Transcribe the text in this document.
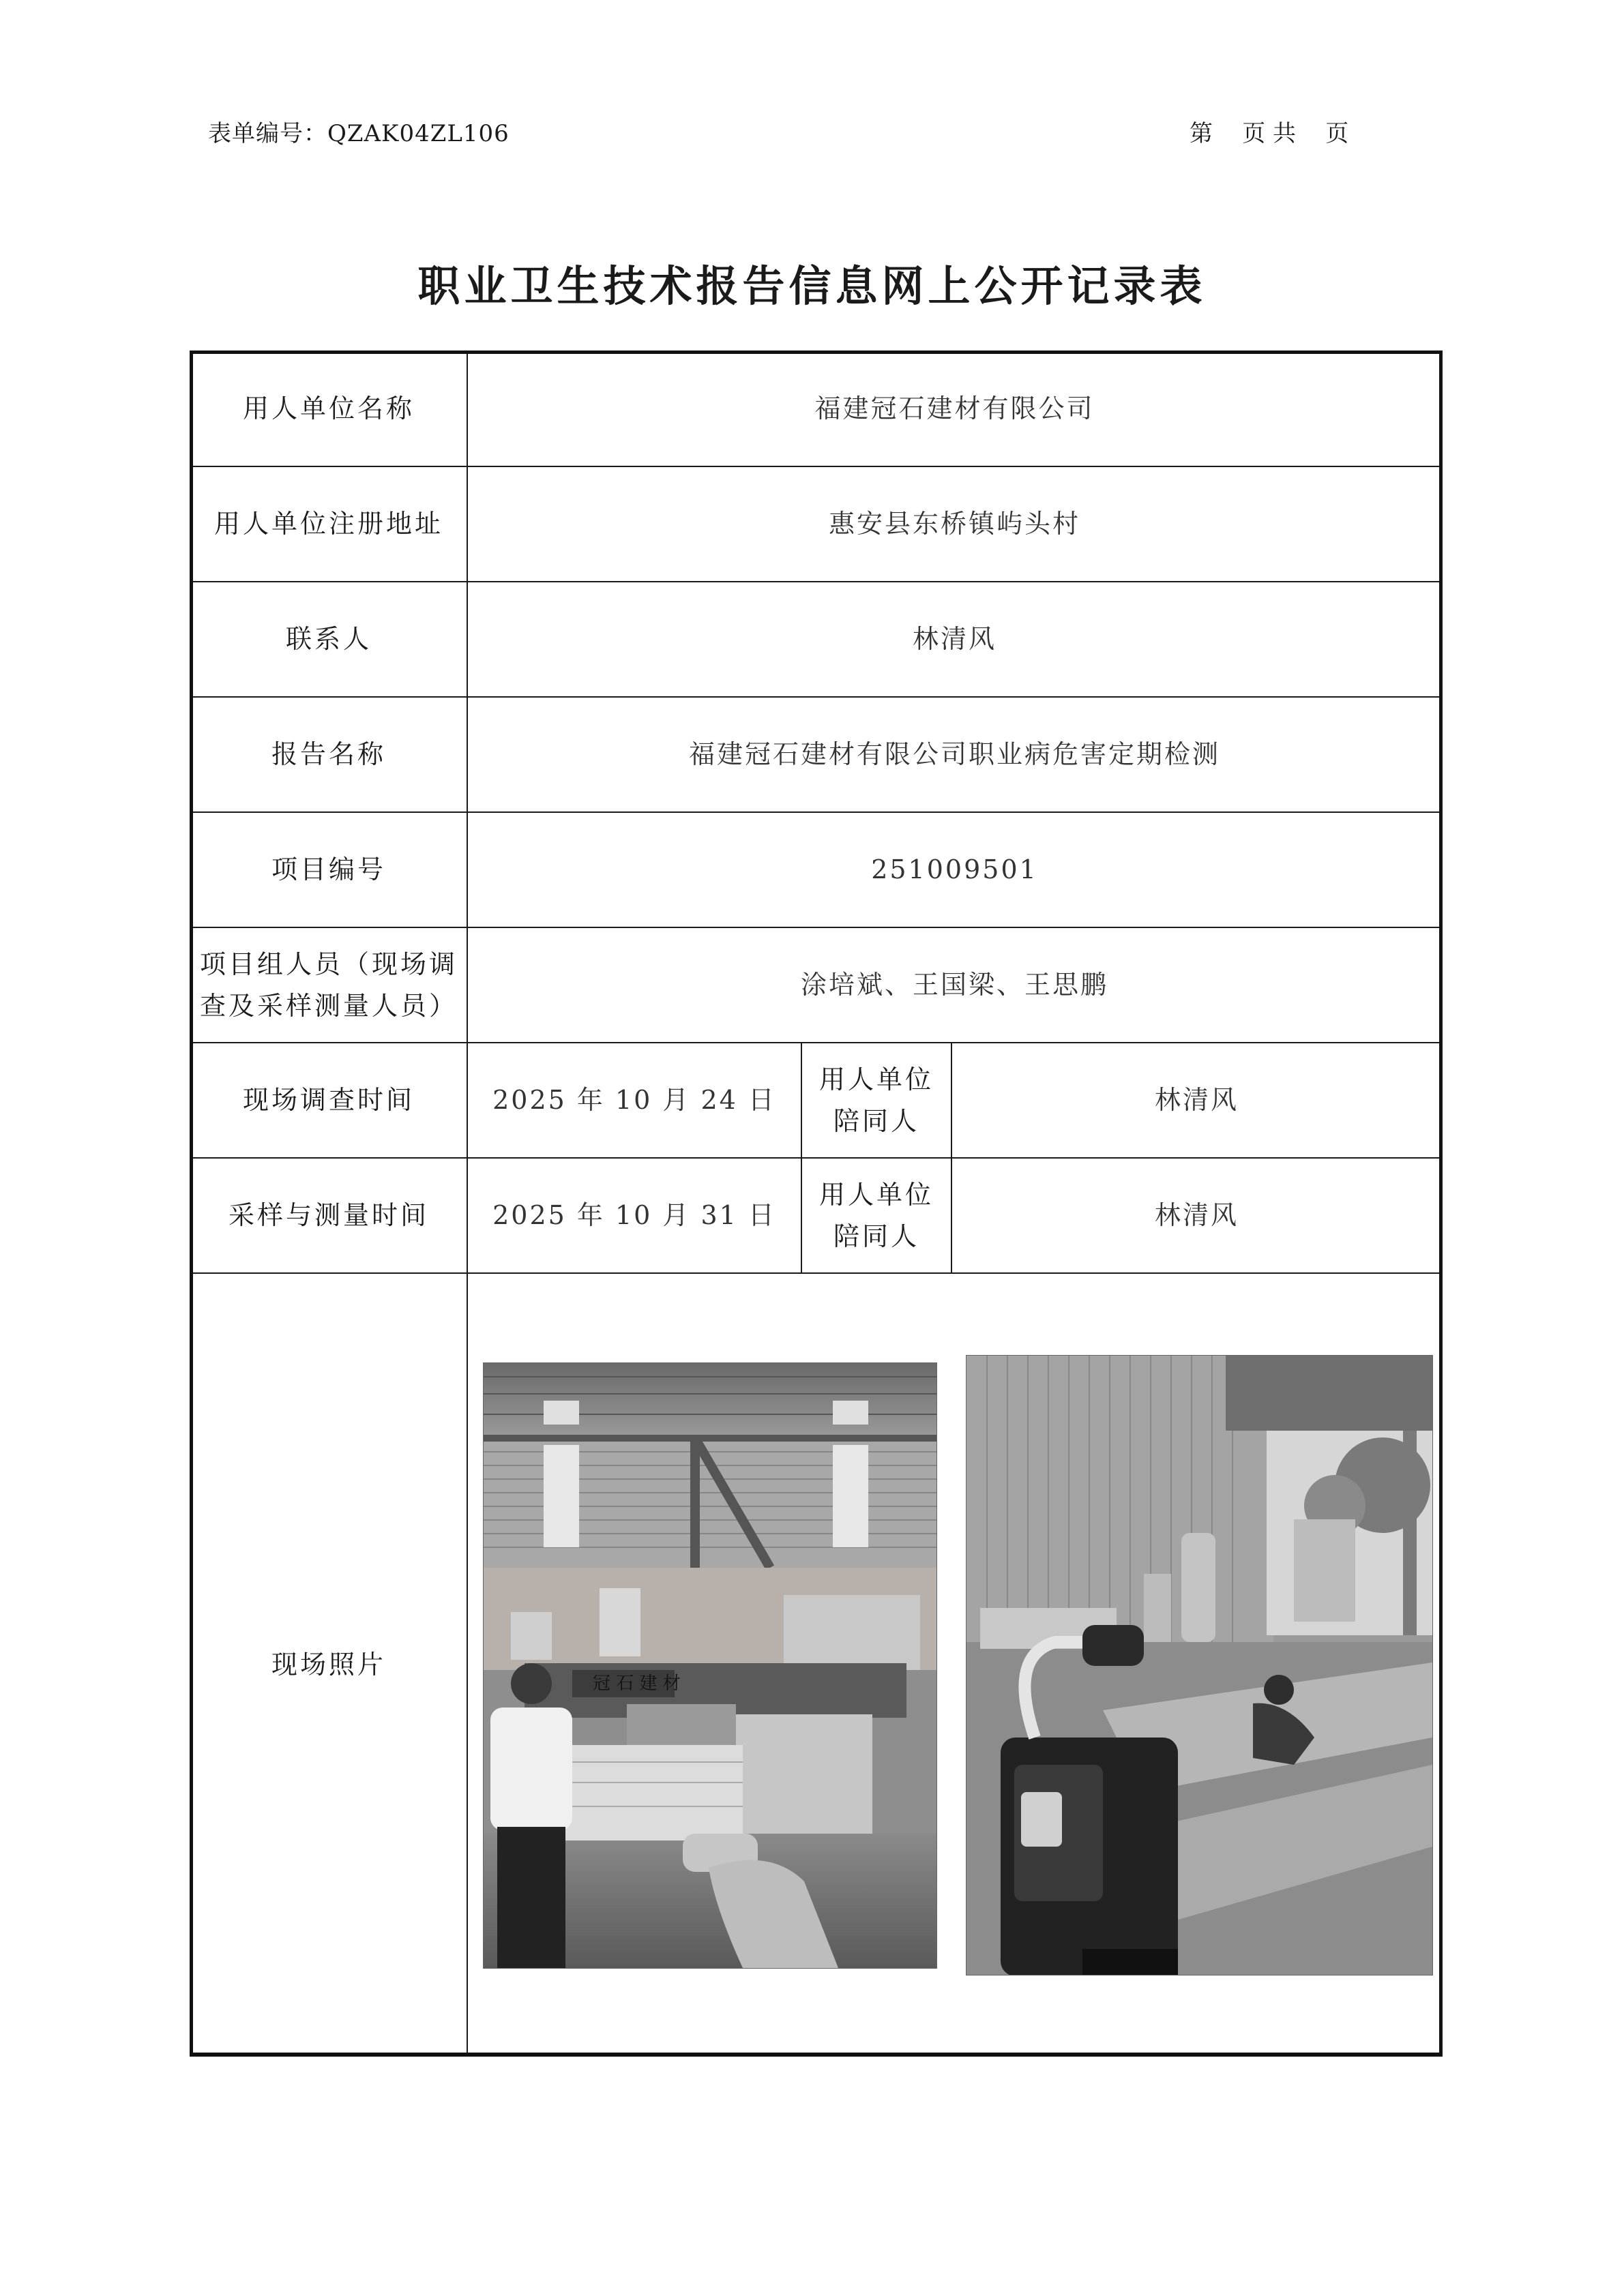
表单编号：QZAK04ZL106	第    页 共    页
职业卫生技术报告信息网上公开记录表
用人单位名称	福建冠石建材有限公司		
用人单位注册地址	惠安县东桥镇屿头村		
联系人	林清风		
报告名称	福建冠石建材有限公司职业病危害定期检测		
项目编号	251009501		

项目组人员（现场调
查及采样测量人员）	涂培斌、王国梁、王思鹏		
现场调查时间	2025 年 10 月 24 日	用人单位
陪同人	林清风
采样与测量时间	2025 年 10 月 31 日	用人单位
陪同人	林清风
现场照片	冠 石 建 材		
